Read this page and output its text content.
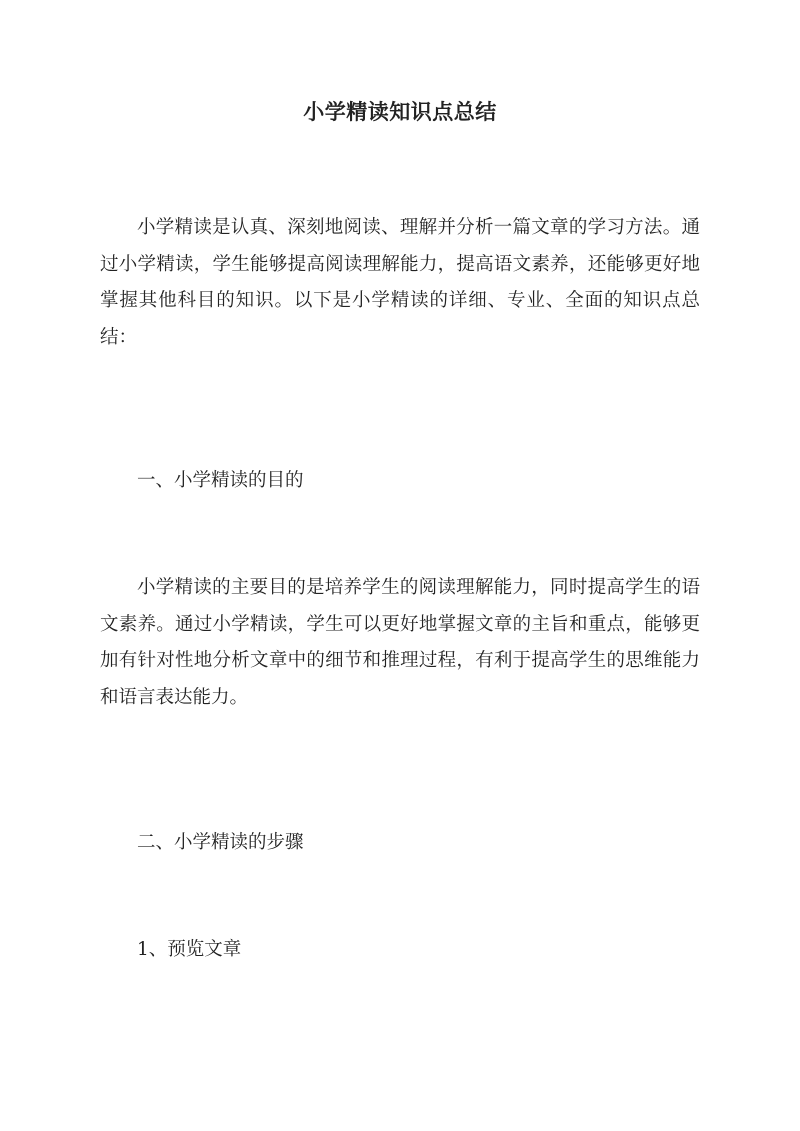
小学精读知识点总结

小学精读是认真、深刻地阅读、理解并分析一篇文章的学习方法。通过小学精读，学生能够提高阅读理解能力，提高语文素养，还能够更好地掌握其他科目的知识。以下是小学精读的详细、专业、全面的知识点总结：

一、小学精读的目的

小学精读的主要目的是培养学生的阅读理解能力，同时提高学生的语文素养。通过小学精读，学生可以更好地掌握文章的主旨和重点，能够更加有针对性地分析文章中的细节和推理过程，有利于提高学生的思维能力和语言表达能力。

二、小学精读的步骤

1、预览文章
